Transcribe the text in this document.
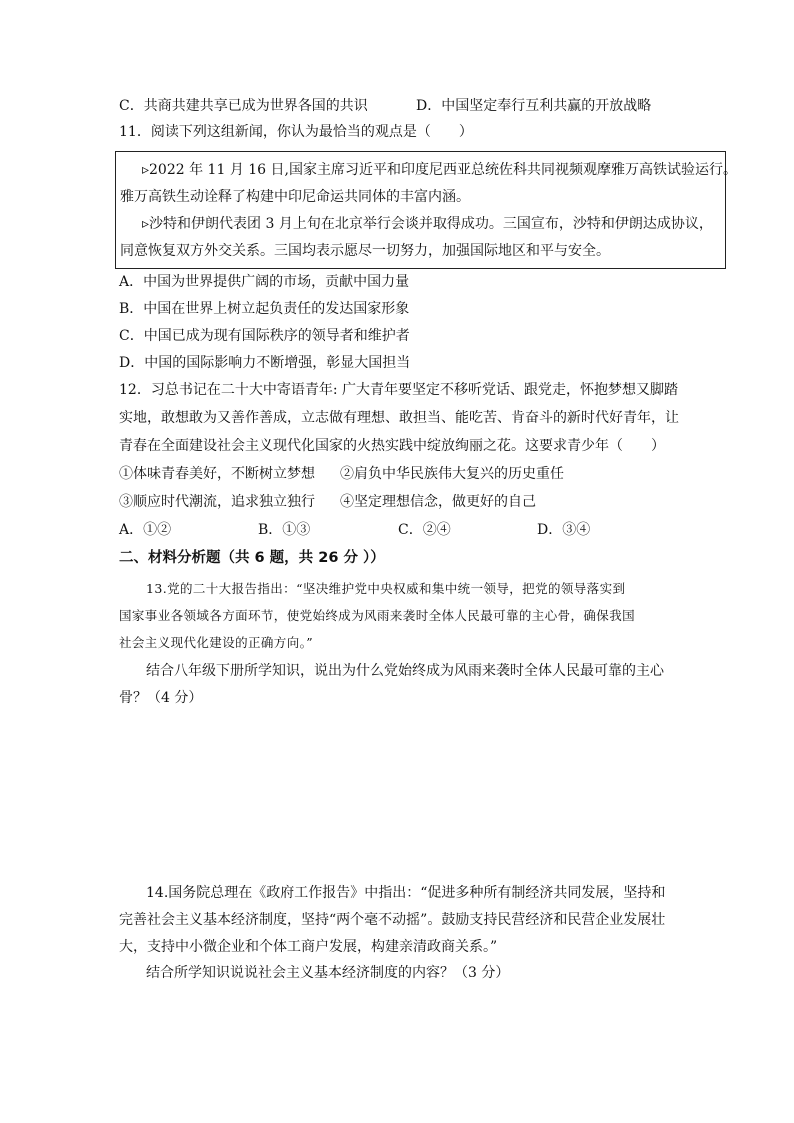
C．共商共建共享已成为世界各国的共识	D．中国坚定奉行互利共赢的开放战略
11．阅读下列这组新闻，你认为最恰当的观点是（　　）
▹2022 年 11 月 16 日,国家主席习近平和印度尼西亚总统佐科共同视频观摩雅万高铁试验运行。
雅万高铁生动诠释了构建中印尼命运共同体的丰富内涵。
▹沙特和伊朗代表团 3 月上旬在北京举行会谈并取得成功。三国宣布，沙特和伊朗达成协议，
同意恢复双方外交关系。三国均表示愿尽一切努力，加强国际地区和平与安全。
A．中国为世界提供广阔的市场，贡献中国力量
B．中国在世界上树立起负责任的发达国家形象
C．中国已成为现有国际秩序的领导者和维护者
D．中国的国际影响力不断增强，彰显大国担当
12．习总书记在二十大中寄语青年: 广大青年要坚定不移听党话、跟党走，怀抱梦想又脚踏
实地，敢想敢为又善作善成，立志做有理想、敢担当、能吃苦、肯奋斗的新时代好青年，让
青春在全面建设社会主义现代化国家的火热实践中绽放绚丽之花。这要求青少年（　　）
①体味青春美好，不断树立梦想 ②肩负中华民族伟大复兴的历史重任
③顺应时代潮流，追求独立独行 ④坚定理想信念，做更好的自己
A．①②	B．①③	C．②④	D．③④
二、材料分析题（共 6 题，共 26 分 ））
13.党的二十大报告指出：“坚决维护党中央权威和集中统一领导，把党的领导落实到
国家事业各领域各方面环节，使党始终成为风雨来袭时全体人民最可靠的主心骨，确保我国
社会主义现代化建设的正确方向。”
结合八年级下册所学知识，说出为什么党始终成为风雨来袭时全体人民最可靠的主心
骨？（4 分）
14.国务院总理在《政府工作报告》中指出：“促进多种所有制经济共同发展，坚持和
完善社会主义基本经济制度，坚持“两个毫不动摇”。鼓励支持民营经济和民营企业发展壮
大，支持中小微企业和个体工商户发展，构建亲清政商关系。”
结合所学知识说说社会主义基本经济制度的内容？（3 分）
